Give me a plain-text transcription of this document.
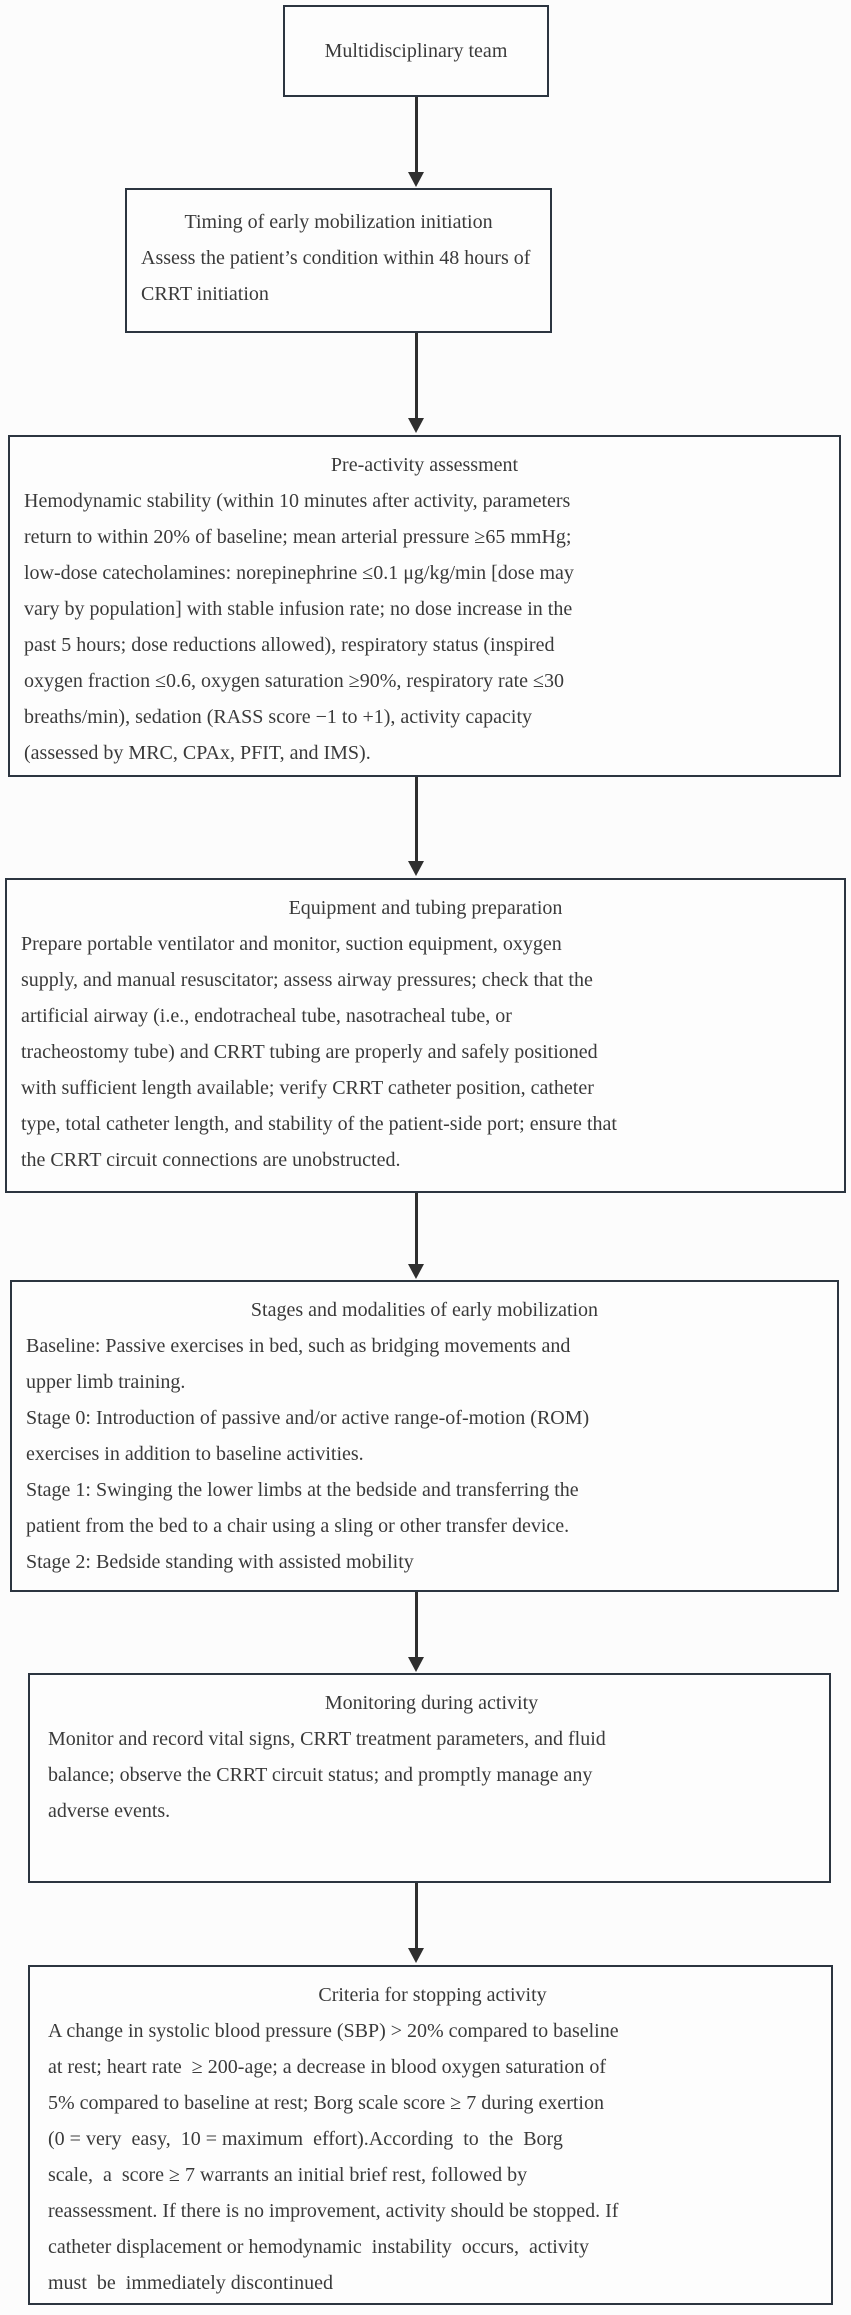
Multidisciplinary team

Timing of early mobilization initiation

Assess the patient’s condition within 48 hours of

CRRT initiation

Pre-activity assessment

Hemodynamic stability (within 10 minutes after activity, parameters

return to within 20% of baseline; mean arterial pressure ≥65 mmHg;

low-dose catecholamines: norepinephrine ≤0.1 μg/kg/min [dose may

vary by population] with stable infusion rate; no dose increase in the

past 5 hours; dose reductions allowed), respiratory status (inspired

oxygen fraction ≤0.6, oxygen saturation ≥90%, respiratory rate ≤30

breaths/min), sedation (RASS score −1 to +1), activity capacity

(assessed by MRC, CPAx, PFIT, and IMS).

Equipment and tubing preparation

Prepare portable ventilator and monitor, suction equipment, oxygen

supply, and manual resuscitator; assess airway pressures; check that the

artificial airway (i.e., endotracheal tube, nasotracheal tube, or

tracheostomy tube) and CRRT tubing are properly and safely positioned

with sufficient length available; verify CRRT catheter position, catheter

type, total catheter length, and stability of the patient-side port; ensure that

the CRRT circuit connections are unobstructed.

Stages and modalities of early mobilization

Baseline: Passive exercises in bed, such as bridging movements and

upper limb training.

Stage 0: Introduction of passive and/or active range-of-motion (ROM)

exercises in addition to baseline activities.

Stage 1: Swinging the lower limbs at the bedside and transferring the

patient from the bed to a chair using a sling or other transfer device.

Stage 2: Bedside standing with assisted mobility

Monitoring during activity

Monitor and record vital signs, CRRT treatment parameters, and fluid

balance; observe the CRRT circuit status; and promptly manage any

adverse events.

Criteria for stopping activity

A change in systolic blood pressure (SBP) > 20% compared to baseline

at rest; heart rate  ≥ 200-age; a decrease in blood oxygen saturation of

5% compared to baseline at rest; Borg scale score ≥ 7 during exertion

(0 = very  easy,  10 = maximum  effort).According  to  the  Borg

scale,  a  score ≥ 7 warrants an initial brief rest, followed by

reassessment. If there is no improvement, activity should be stopped. If

catheter displacement or hemodynamic  instability  occurs,  activity

must  be  immediately discontinued
